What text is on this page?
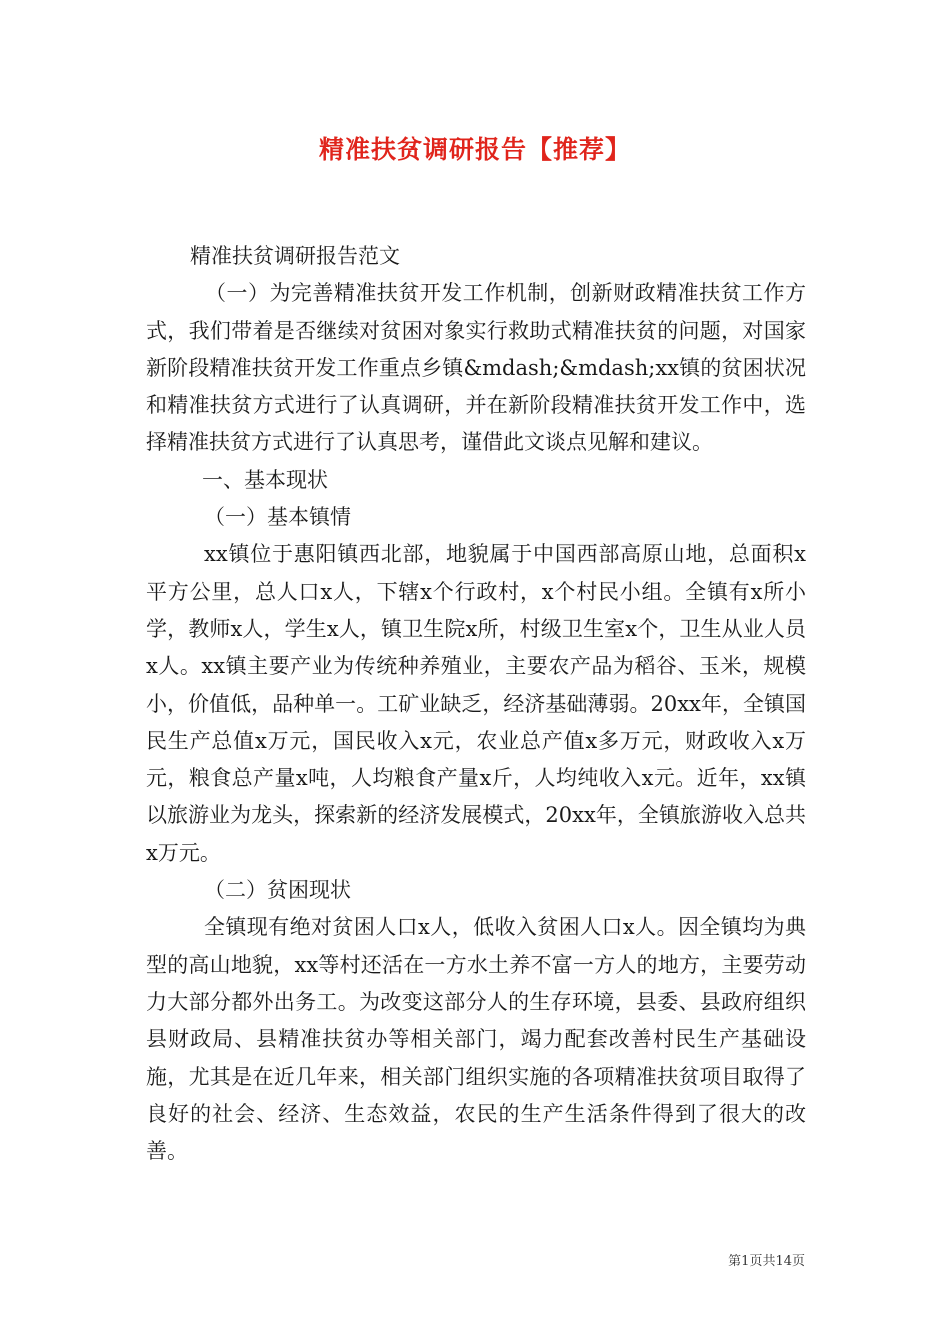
精准扶贫调研报告【推荐】

精准扶贫调研报告范文

（一）为完善精准扶贫开发工作机制，创新财政精准扶贫工作方式，我们带着是否继续对贫困对象实行救助式精准扶贫的问题，对国家新阶段精准扶贫开发工作重点乡镇&mdash;&mdash;xx镇的贫困状况和精准扶贫方式进行了认真调研，并在新阶段精准扶贫开发工作中，选择精准扶贫方式进行了认真思考，谨借此文谈点见解和建议。

一、基本现状

（一）基本镇情

xx镇位于惠阳镇西北部，地貌属于中国西部高原山地，总面积x平方公里，总人口x人，下辖x个行政村，x个村民小组。全镇有x所小学，教师x人，学生x人，镇卫生院x所，村级卫生室x个，卫生从业人员x人。xx镇主要产业为传统种养殖业，主要农产品为稻谷、玉米，规模小，价值低，品种单一。工矿业缺乏，经济基础薄弱。20xx年，全镇国民生产总值x万元，国民收入x元，农业总产值x多万元，财政收入x万元，粮食总产量x吨，人均粮食产量x斤，人均纯收入x元。近年，xx镇以旅游业为龙头，探索新的经济发展模式，20xx年，全镇旅游收入总共x万元。

（二）贫困现状

全镇现有绝对贫困人口x人，低收入贫困人口x人。因全镇均为典型的高山地貌，xx等村还活在一方水土养不富一方人的地方，主要劳动力大部分都外出务工。为改变这部分人的生存环境，县委、县政府组织县财政局、县精准扶贫办等相关部门，竭力配套改善村民生产基础设施，尤其是在近几年来，相关部门组织实施的各项精准扶贫项目取得了良好的社会、经济、生态效益，农民的生产生活条件得到了很大的改善。

第1页共14页
